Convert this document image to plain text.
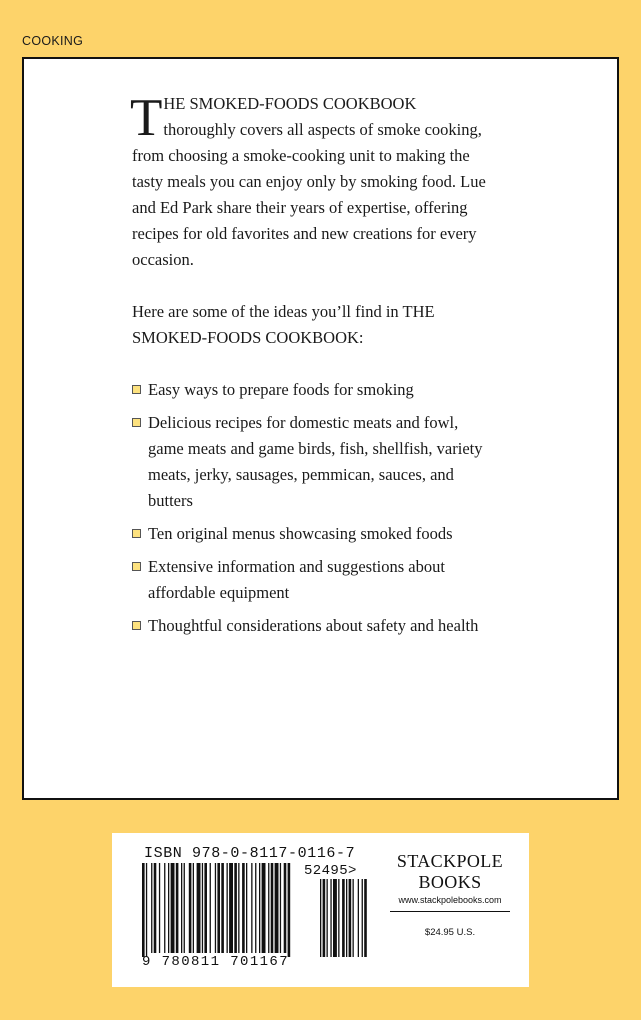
COOKING

THE SMOKED-FOODS COOKBOOK thoroughly covers all aspects of smoke cooking, from choosing a smoke-cooking unit to making the tasty meals you can enjoy only by smoking food. Lue and Ed Park share their years of expertise, offering recipes for old favorites and new creations for every occasion.

Here are some of the ideas you’ll find in THE SMOKED-FOODS COOKBOOK:

Easy ways to prepare foods for smoking
Delicious recipes for domestic meats and fowl, game meats and game birds, fish, shellfish, variety meats, jerky, sausages, pemmican, sauces, and butters
Ten original menus showcasing smoked foods
Extensive information and suggestions about affordable equipment
Thoughtful considerations about safety and health
ISBN 978-0-8117-0116-7
52495>
9 780811 701167
STACKPOLE
BOOKS
www.stackpolebooks.com
$24.95 U.S.
